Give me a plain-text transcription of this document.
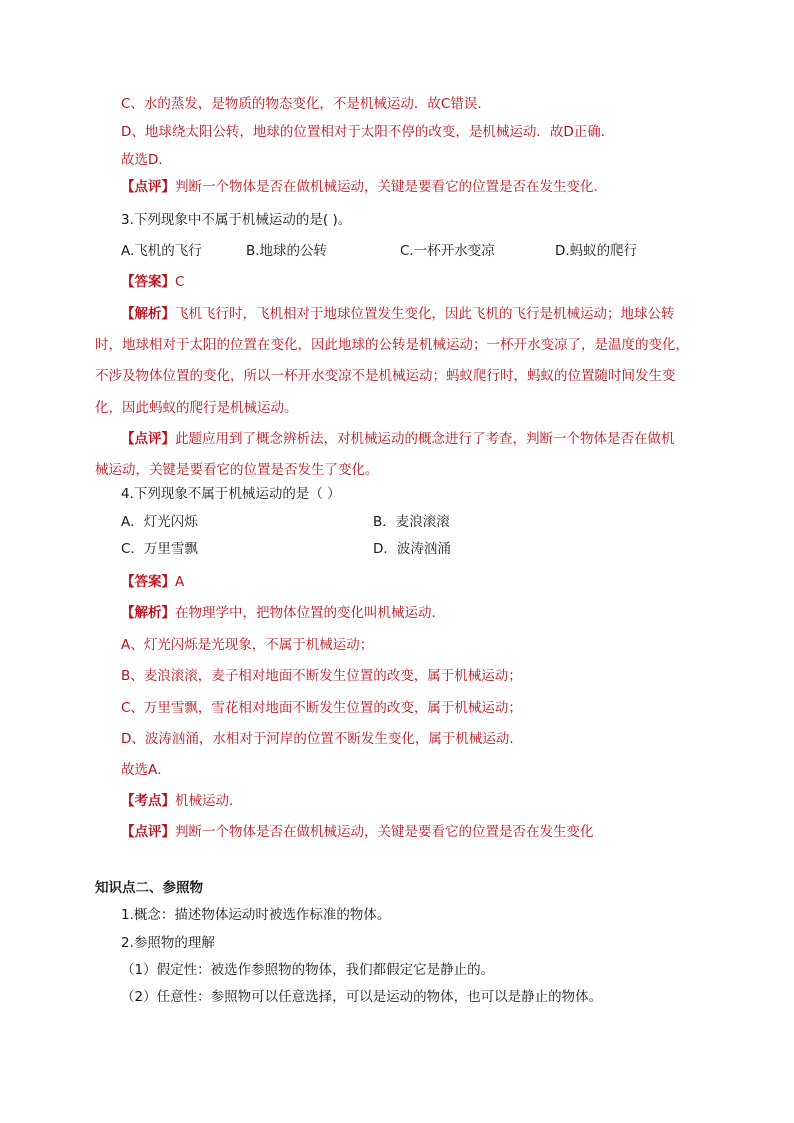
C、水的蒸发，是物质的物态变化，不是机械运动．故C错误．
D、地球绕太阳公转，地球的位置相对于太阳不停的改变，是机械运动．故D正确．
故选D．
【点评】判断一个物体是否在做机械运动，关键是要看它的位置是否在发生变化．
3.下列现象中不属于机械运动的是( )。
A.飞机的飞行	B.地球的公转	C.一杯开水变凉	D.蚂蚁的爬行
【答案】C
【解析】飞机飞行时，飞机相对于地球位置发生变化，因此飞机的飞行是机械运动；地球公转
时，地球相对于太阳的位置在变化，因此地球的公转是机械运动；一杯开水变凉了，是温度的变化，
不涉及物体位置的变化，所以一杯开水变凉不是机械运动；蚂蚁爬行时，蚂蚁的位置随时间发生变
化，因此蚂蚁的爬行是机械运动。
【点评】此题应用到了概念辨析法，对机械运动的概念进行了考查，判断一个物体是否在做机
械运动，关键是要看它的位置是否发生了变化。
4.下列现象不属于机械运动的是（ ）
A．灯光闪烁	B．麦浪滚滚
C．万里雪飘	D．波涛汹涌
【答案】A
【解析】在物理学中，把物体位置的变化叫机械运动．
A、灯光闪烁是光现象，不属于机械运动；
B、麦浪滚滚，麦子相对地面不断发生位置的改变，属于机械运动；
C、万里雪飘，雪花相对地面不断发生位置的改变，属于机械运动；
D、波涛汹涌，水相对于河岸的位置不断发生变化，属于机械运动．
故选A．
【考点】机械运动．
【点评】判断一个物体是否在做机械运动，关键是要看它的位置是否在发生变化
知识点二、参照物
1.概念：描述物体运动时被选作标准的物体。
2.参照物的理解
（1）假定性：被选作参照物的物体，我们都假定它是静止的。
（2）任意性：参照物可以任意选择，可以是运动的物体，也可以是静止的物体。
